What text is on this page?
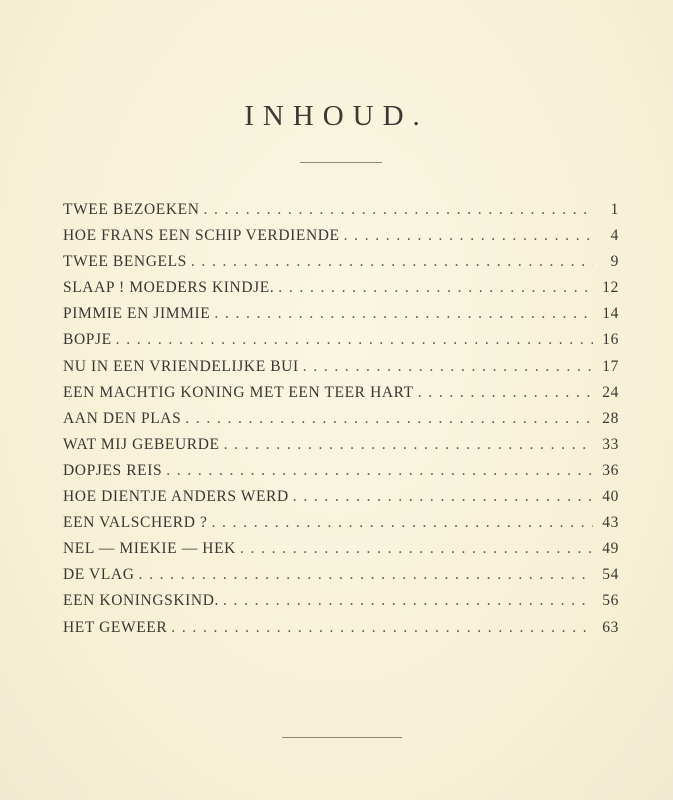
INHOUD.
TWEE BEZOEKEN . . .	1
HOE FRANS EEN SCHIP VERDIENDE . . .	4
TWEE BENGELS . . .	9
SLAAP ! MOEDERS KINDJE. . . .	12
PIMMIE EN JIMMIE . . .	14
BOPJE . . .	16
NU IN EEN VRIENDELIJKE BUI . . .	17
EEN MACHTIG KONING MET EEN TEER HART . . .	24
AAN DEN PLAS . . .	28
WAT MIJ GEBEURDE . . .	33
DOPJES REIS . . .	36
HOE DIENTJE ANDERS WERD . . .	40
EEN VALSCHERD ? . . .	43
NEL — MIEKIE — HEK . . .	49
DE VLAG . . .	54
EEN KONINGSKIND. . . .	56
HET GEWEER . . .	63
